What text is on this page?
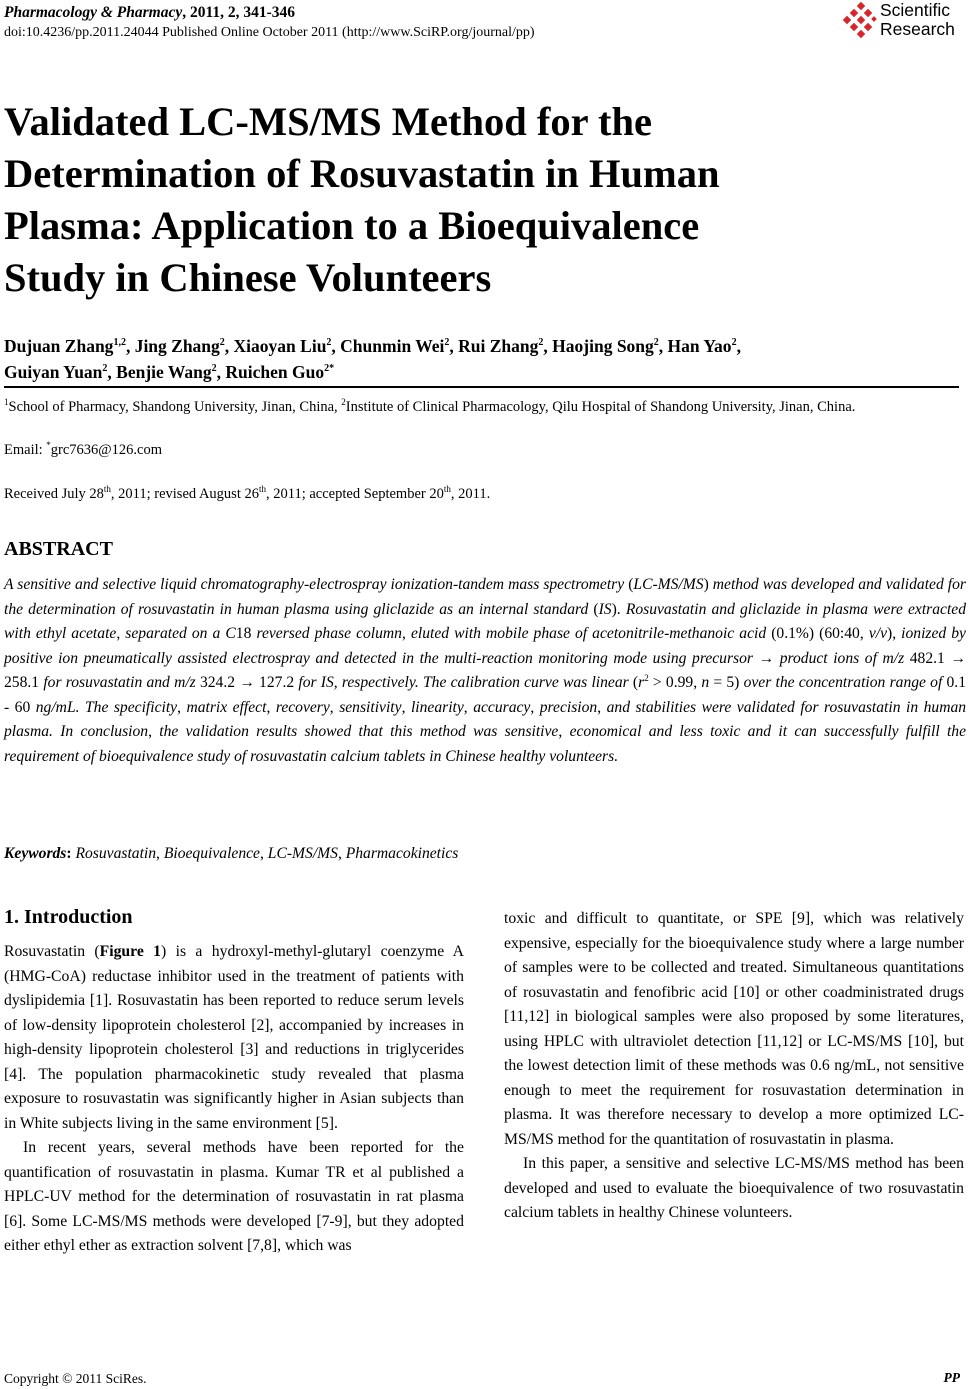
Pharmacology & Pharmacy, 2011, 2, 341-346
doi:10.4236/pp.2011.24044 Published Online October 2011 (http://www.SciRP.org/journal/pp)
Scientific
Research
Validated LC-MS/MS Method for the
Determination of Rosuvastatin in Human
Plasma: Application to a Bioequivalence
Study in Chinese Volunteers

Dujuan Zhang$^{1,2}$, Jing Zhang$^2$, Xiaoyan Liu$^2$, Chunmin Wei$^2$, Rui Zhang$^2$, Haojing Song$^2$, Han Yao$^2$,
Guiyan Yuan$^2$, Benjie Wang$^2$, Ruichen Guo$^{2*}$

$^1$School of Pharmacy, Shandong University, Jinan, China, $^2$Institute of Clinical Pharmacology, Qilu Hospital of Shandong University, Jinan, China.
Email: *grc7636@126.com
Received July 28th, 2011; revised August 26th, 2011; accepted September 20th, 2011.
ABSTRACT

A sensitive and selective liquid chromatography-electrospray ionization-tandem mass spectrometry (LC-MS/MS) method was developed and validated for the determination of rosuvastatin in human plasma using gliclazide as an internal standard (IS). Rosuvastatin and gliclazide in plasma were extracted with ethyl acetate, separated on a C18 reversed phase column, eluted with mobile phase of acetonitrile-methanoic acid (0.1%) (60:40, v/v), ionized by positive ion pneumatically assisted electrospray and detected in the multi-reaction monitoring mode using precursor → product ions of m/z 482.1 → 258.1 for rosuvastatin and m/z 324.2 → 127.2 for IS, respectively. The calibration curve was linear ($r^2 > 0.99$, n = 5) over the concentration range of 0.1 - 60 ng/mL. The specificity, matrix effect, recovery, sensitivity, linearity, accuracy, precision, and stabilities were validated for rosuvastatin in human plasma. In conclusion, the validation results showed that this method was sensitive, economical and less toxic and it can successfully fulfill the requirement of bioequivalence study of rosuvastatin calcium tablets in Chinese healthy volunteers.

Keywords: Rosuvastatin, Bioequivalence, LC-MS/MS, Pharmacokinetics
1. Introduction

Rosuvastatin (Figure 1) is a hydroxyl-methyl-glutaryl coenzyme A (HMG-CoA) reductase inhibitor used in the treatment of patients with dyslipidemia [1]. Rosuvastatin has been reported to reduce serum levels of low-density lipoprotein cholesterol [2], accompanied by increases in high-density lipoprotein cholesterol [3] and reductions in triglycerides [4]. The population pharmacokinetic study revealed that plasma exposure to rosuvastatin was significantly higher in Asian subjects than in White subjects living in the same environment [5].

In recent years, several methods have been reported for the quantification of rosuvastatin in plasma. Kumar TR et al published a HPLC-UV method for the determination of rosuvastatin in rat plasma [6]. Some LC-MS/MS methods were developed [7-9], but they adopted either ethyl ether as extraction solvent [7,8], which was

toxic and difficult to quantitate, or SPE [9], which was relatively expensive, especially for the bioequivalence study where a large number of samples were to be collected and treated. Simultaneous quantitations of rosuvastatin and fenofibric acid [10] or other coadministrated drugs [11,12] in biological samples were also proposed by some literatures, using HPLC with ultraviolet detection [11,12] or LC-MS/MS [10], but the lowest detection limit of these methods was 0.6 ng/mL, not sensitive enough to meet the requirement for rosuvastation determination in plasma. It was therefore necessary to develop a more optimized LC-MS/MS method for the quantitation of rosuvastatin in plasma.

In this paper, a sensitive and selective LC-MS/MS method has been developed and used to evaluate the bioequivalence of two rosuvastatin calcium tablets in healthy Chinese volunteers.

Copyright © 2011 SciRes.	PP
